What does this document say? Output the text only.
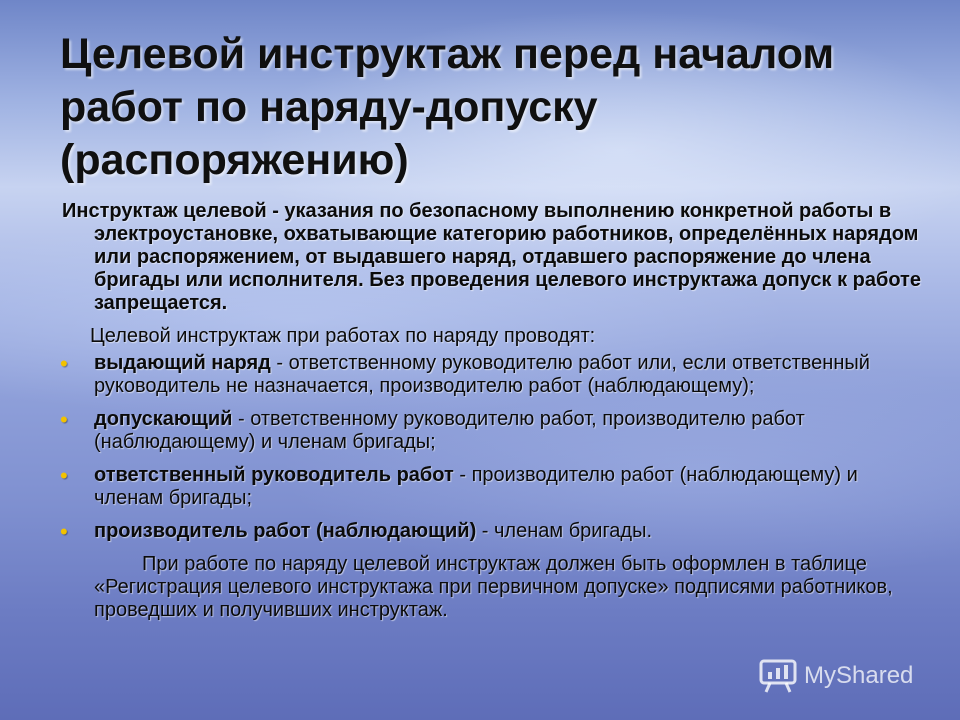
Целевой инструктаж перед началом работ по наряду-допуску (распоряжению)

Инструктаж целевой - указания по безопасному выполнению конкретной работы в электроустановке, охватывающие категорию работников, определённых нарядом или распоряжением, от выдавшего наряд, отдавшего распоряжение до члена бригады или исполнителя. Без проведения целевого инструктажа допуск к работе запрещается.

Целевой инструктаж при работах по наряду проводят:

• выдающий наряд - ответственному руководителю работ или, если ответственный руководитель не назначается, производителю работ (наблюдающему);
• допускающий - ответственному руководителю работ, производителю работ (наблюдающему) и членам бригады;
• ответственный руководитель работ - производителю работ (наблюдающему) и членам бригады;
• производитель работ (наблюдающий) - членам бригады.

При работе по наряду целевой инструктаж должен быть оформлен в таблице «Регистрация целевого инструктажа при первичном допуске» подписями работников, проведших и получивших инструктаж.

MyShared
